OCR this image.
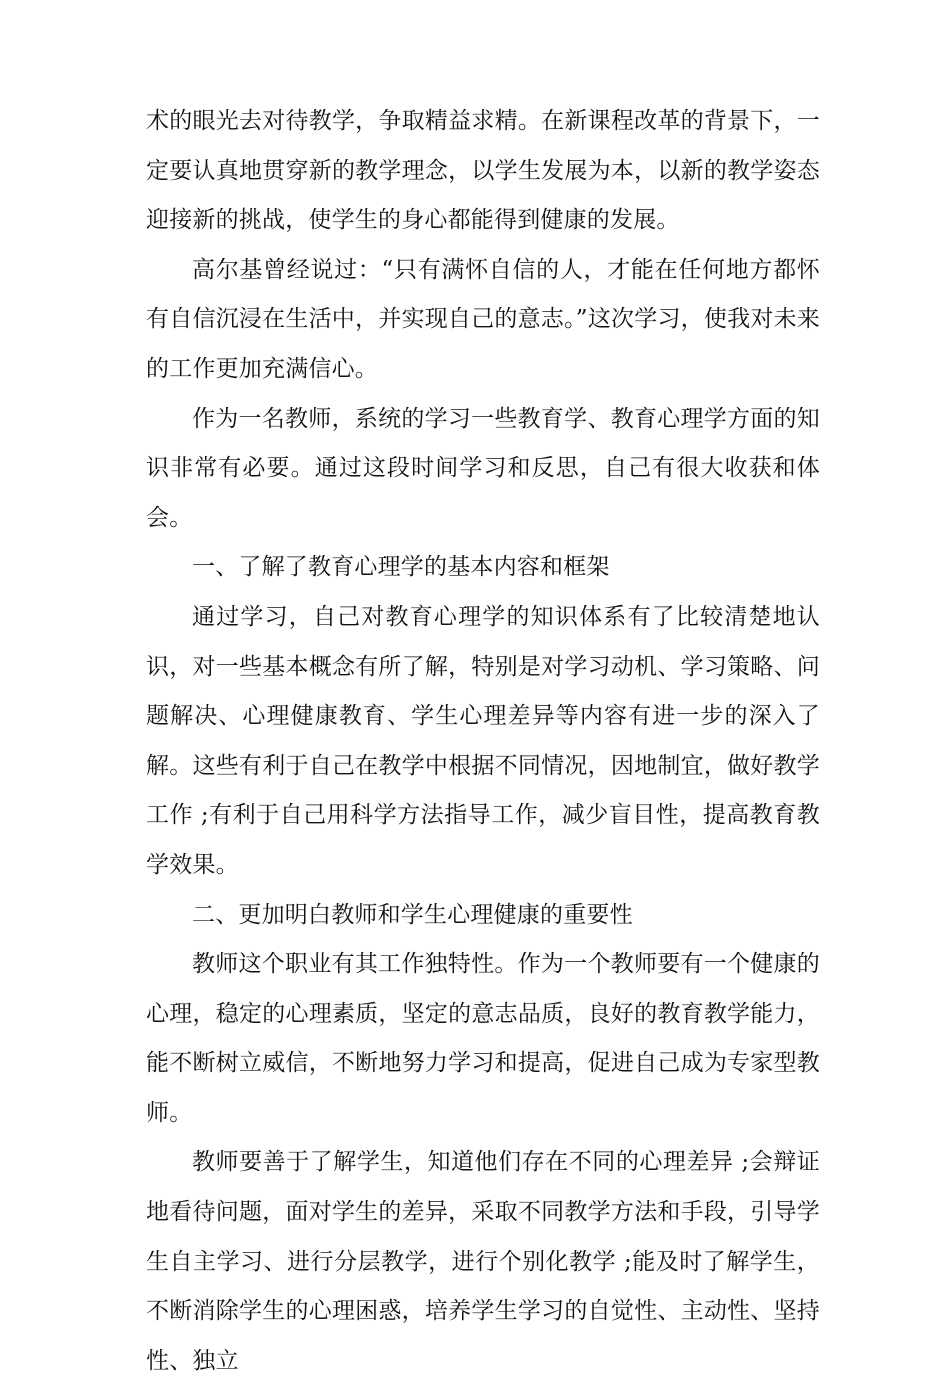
术的眼光去对待教学，争取精益求精。在新课程改革的背景下，一定要认真地贯穿新的教学理念，以学生发展为本，以新的教学姿态迎接新的挑战，使学生的身心都能得到健康的发展。

高尔基曾经说过：“只有满怀自信的人，才能在任何地方都怀有自信沉浸在生活中，并实现自己的意志。”这次学习，使我对未来的工作更加充满信心。

作为一名教师，系统的学习一些教育学、教育心理学方面的知识非常有必要。通过这段时间学习和反思，自己有很大收获和体会。

一、了解了教育心理学的基本内容和框架

通过学习，自己对教育心理学的知识体系有了比较清楚地认识，对一些基本概念有所了解，特别是对学习动机、学习策略、问题解决、心理健康教育、学生心理差异等内容有进一步的深入了解。这些有利于自己在教学中根据不同情况，因地制宜，做好教学工作 ;有利于自己用科学方法指导工作，减少盲目性，提高教育教学效果。

二、更加明白教师和学生心理健康的重要性

教师这个职业有其工作独特性。作为一个教师要有一个健康的心理，稳定的心理素质，坚定的意志品质，良好的教育教学能力，能不断树立威信，不断地努力学习和提高，促进自己成为专家型教师。

教师要善于了解学生，知道他们存在不同的心理差异 ;会辩证地看待问题，面对学生的差异，采取不同教学方法和手段，引导学生自主学习、进行分层教学，进行个别化教学 ;能及时了解学生，不断消除学生的心理困惑，培养学生学习的自觉性、主动性、坚持性、独立
